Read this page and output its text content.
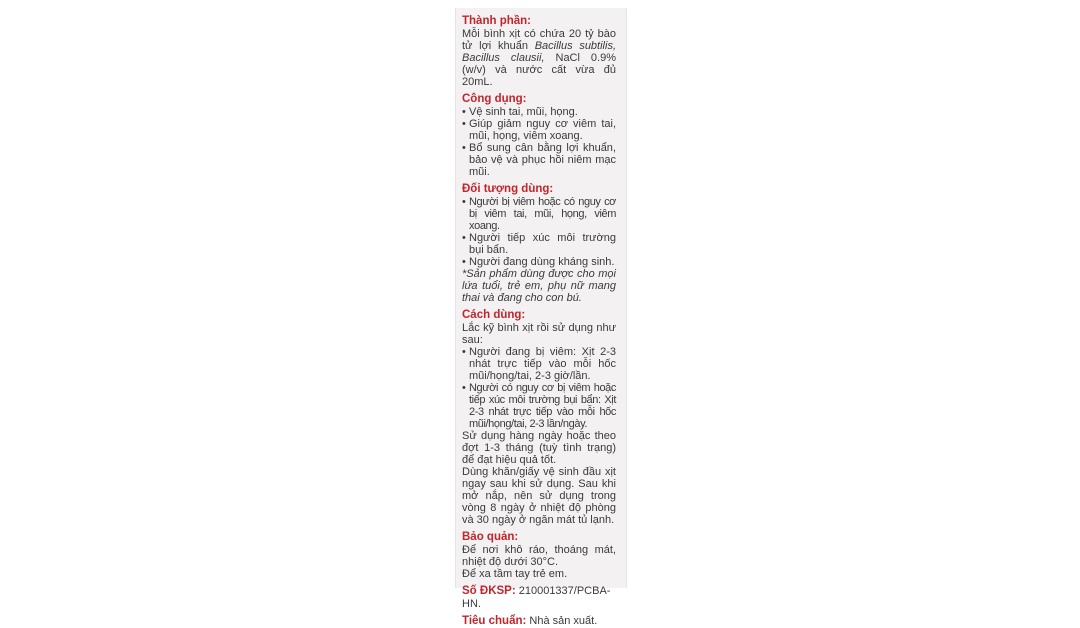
Thành phần:
Mỗi bình xịt có chứa 20 tỷ bào tử lợi khuẩn Bacillus subtilis, Bacillus clausii, NaCl 0.9% (w/v) và nước cất vừa đủ 20mL.
Công dụng:
• Vệ sinh tai, mũi, họng.
• Giúp giảm nguy cơ viêm tai, mũi, họng, viêm xoang.
• Bổ sung cân bằng lợi khuẩn, bảo vệ và phục hồi niêm mạc mũi.
Đối tượng dùng:
• Người bị viêm hoặc có nguy cơ bị viêm tai, mũi, họng, viêm xoang.
• Người tiếp xúc môi trường bụi bẩn.
• Người đang dùng kháng sinh.
*Sản phẩm dùng được cho mọi lứa tuổi, trẻ em, phụ nữ mang thai và đang cho con bú.
Cách dùng:
Lắc kỹ bình xịt rồi sử dụng như sau:
• Người đang bị viêm: Xịt 2-3 nhát trực tiếp vào mỗi hốc mũi/họng/tai, 2-3 giờ/lần.
• Người có nguy cơ bị viêm hoặc tiếp xúc môi trường bụi bẩn: Xịt 2-3 nhát trực tiếp vào mỗi hốc mũi/họng/tai, 2-3 lần/ngày.
Sử dụng hàng ngày hoặc theo đợt 1-3 tháng (tuỳ tình trạng) để đạt hiệu quả tốt.
Dùng khăn/giấy vệ sinh đầu xịt ngay sau khi sử dụng. Sau khi mở nắp, nên sử dụng trong vòng 8 ngày ở nhiệt độ phòng và 30 ngày ở ngăn mát tủ lạnh.
Bảo quản:
Để nơi khô ráo, thoáng mát, nhiệt độ dưới 30°C.
Để xa tầm tay trẻ em.
Số ĐKSP: 210001337/PCBA-HN.
Tiêu chuẩn: Nhà sản xuất.
